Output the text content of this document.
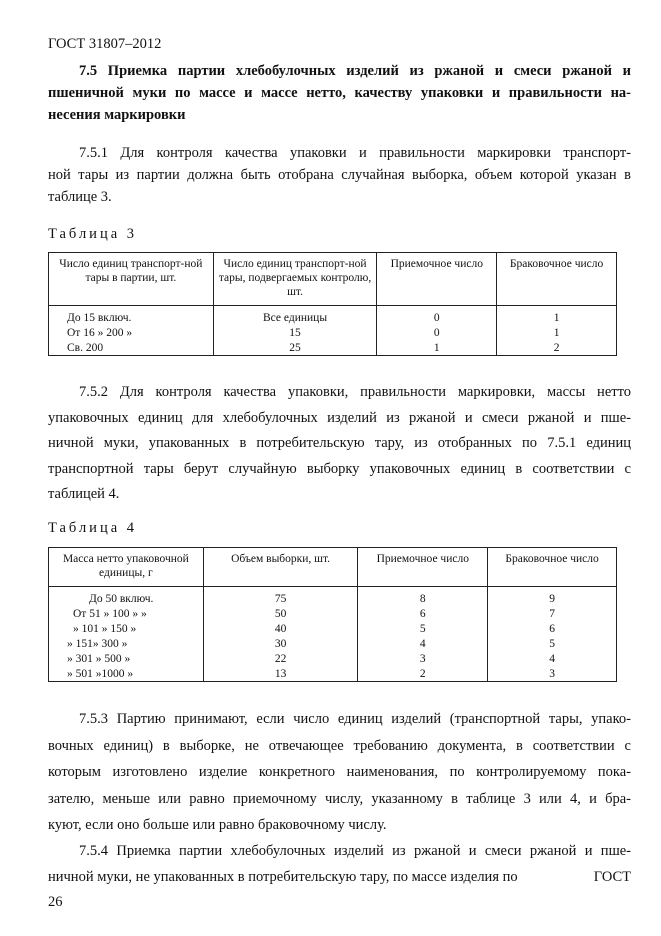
ГОСТ 31807–2012
7.5 Приемка партии хлебобулочных изделий из ржаной и смеси ржаной и
пшеничной муки по массе и массе нетто, качеству упаковки и правильности на-
несения маркировки
7.5.1 Для контроля качества упаковки и правильности маркировки транспорт-
ной тары из партии должна быть отобрана случайная выборка, объем которой указан в
таблице 3.
Таблица 3
Число единиц транспорт-ной тары в партии, шт.	Число единиц транспорт-ной тары, подвергаемых контролю, шт.	Приемочное число	Браковочное число
До 15 включ.	Все единицы	0	1
От 16 » 200 »	15	0	1
Св. 200	25	1	2
7.5.2 Для контроля качества упаковки, правильности маркировки, массы нетто
упаковочных единиц для хлебобулочных изделий из ржаной и смеси ржаной и пше-
ничной муки, упакованных в потребительскую тару, из отобранных по 7.5.1 единиц
транспортной тары берут случайную выборку упаковочных единиц в соответствии с
таблицей 4.
Таблица 4
Масса нетто упаковочной единицы, г	Объем выборки, шт.	Приемочное число	Браковочное число
До 50 включ.	75	8	9
От 51 » 100 » »	50	6	7
» 101 » 150 »	40	5	6
» 151» 300 »	30	4	5
» 301 » 500 »	22	3	4
» 501 »1000 »	13	2	3
7.5.3 Партию принимают, если число единиц изделий (транспортной тары, упако-
вочных единиц) в выборке, не отвечающее требованию документа, в соответствии с
которым изготовлено изделие конкретного наименования, по контролируемому пока-
зателю, меньше или равно приемочному числу, указанному в таблице 3 или 4, и бра-
куют, если оно больше или равно браковочному числу.
7.5.4 Приемка партии хлебобулочных изделий из ржаной и смеси ржаной и пше-
ничной муки, не упакованных в потребительскую тару, по массе изделия по	ГОСТ
26
